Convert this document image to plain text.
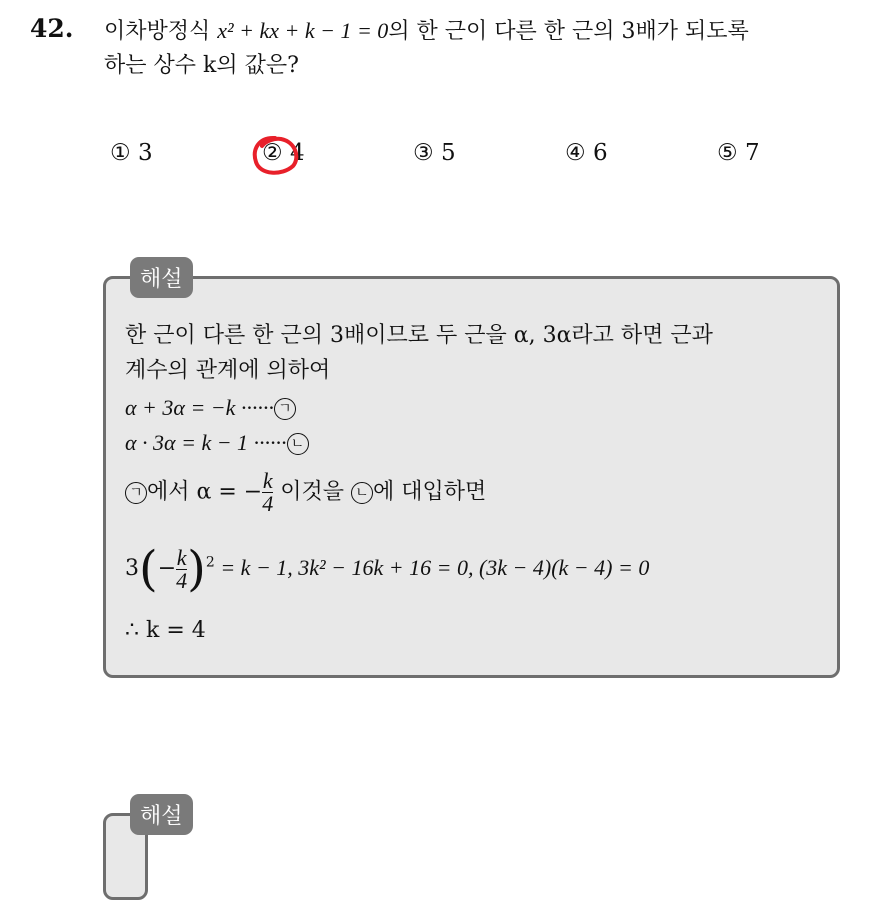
42. 이차방정식 x² + kx + k − 1 = 0의 한 근이 다른 한 근의 3배가 되도록
하는 상수 k의 값은?
① 3	② 4	③ 5	④ 6	⑤ 7
해설
한 근이 다른 한 근의 3배이므로 두 근을 α, 3α라고 하면 근과
계수의 관계에 의하여
α + 3α = −k ······ ㄱ
α · 3α = k − 1 ······ ㄴ
ㄱ 에서 α = − $\frac{k}{4}$ 이것을 ㄴ 에 대입하면
$3(- \frac{k}{4} )^2 = k - 1$, 3k² − 16k + 16 = 0, (3k − 4)(k − 4) = 0
∴ k = 4
해설
